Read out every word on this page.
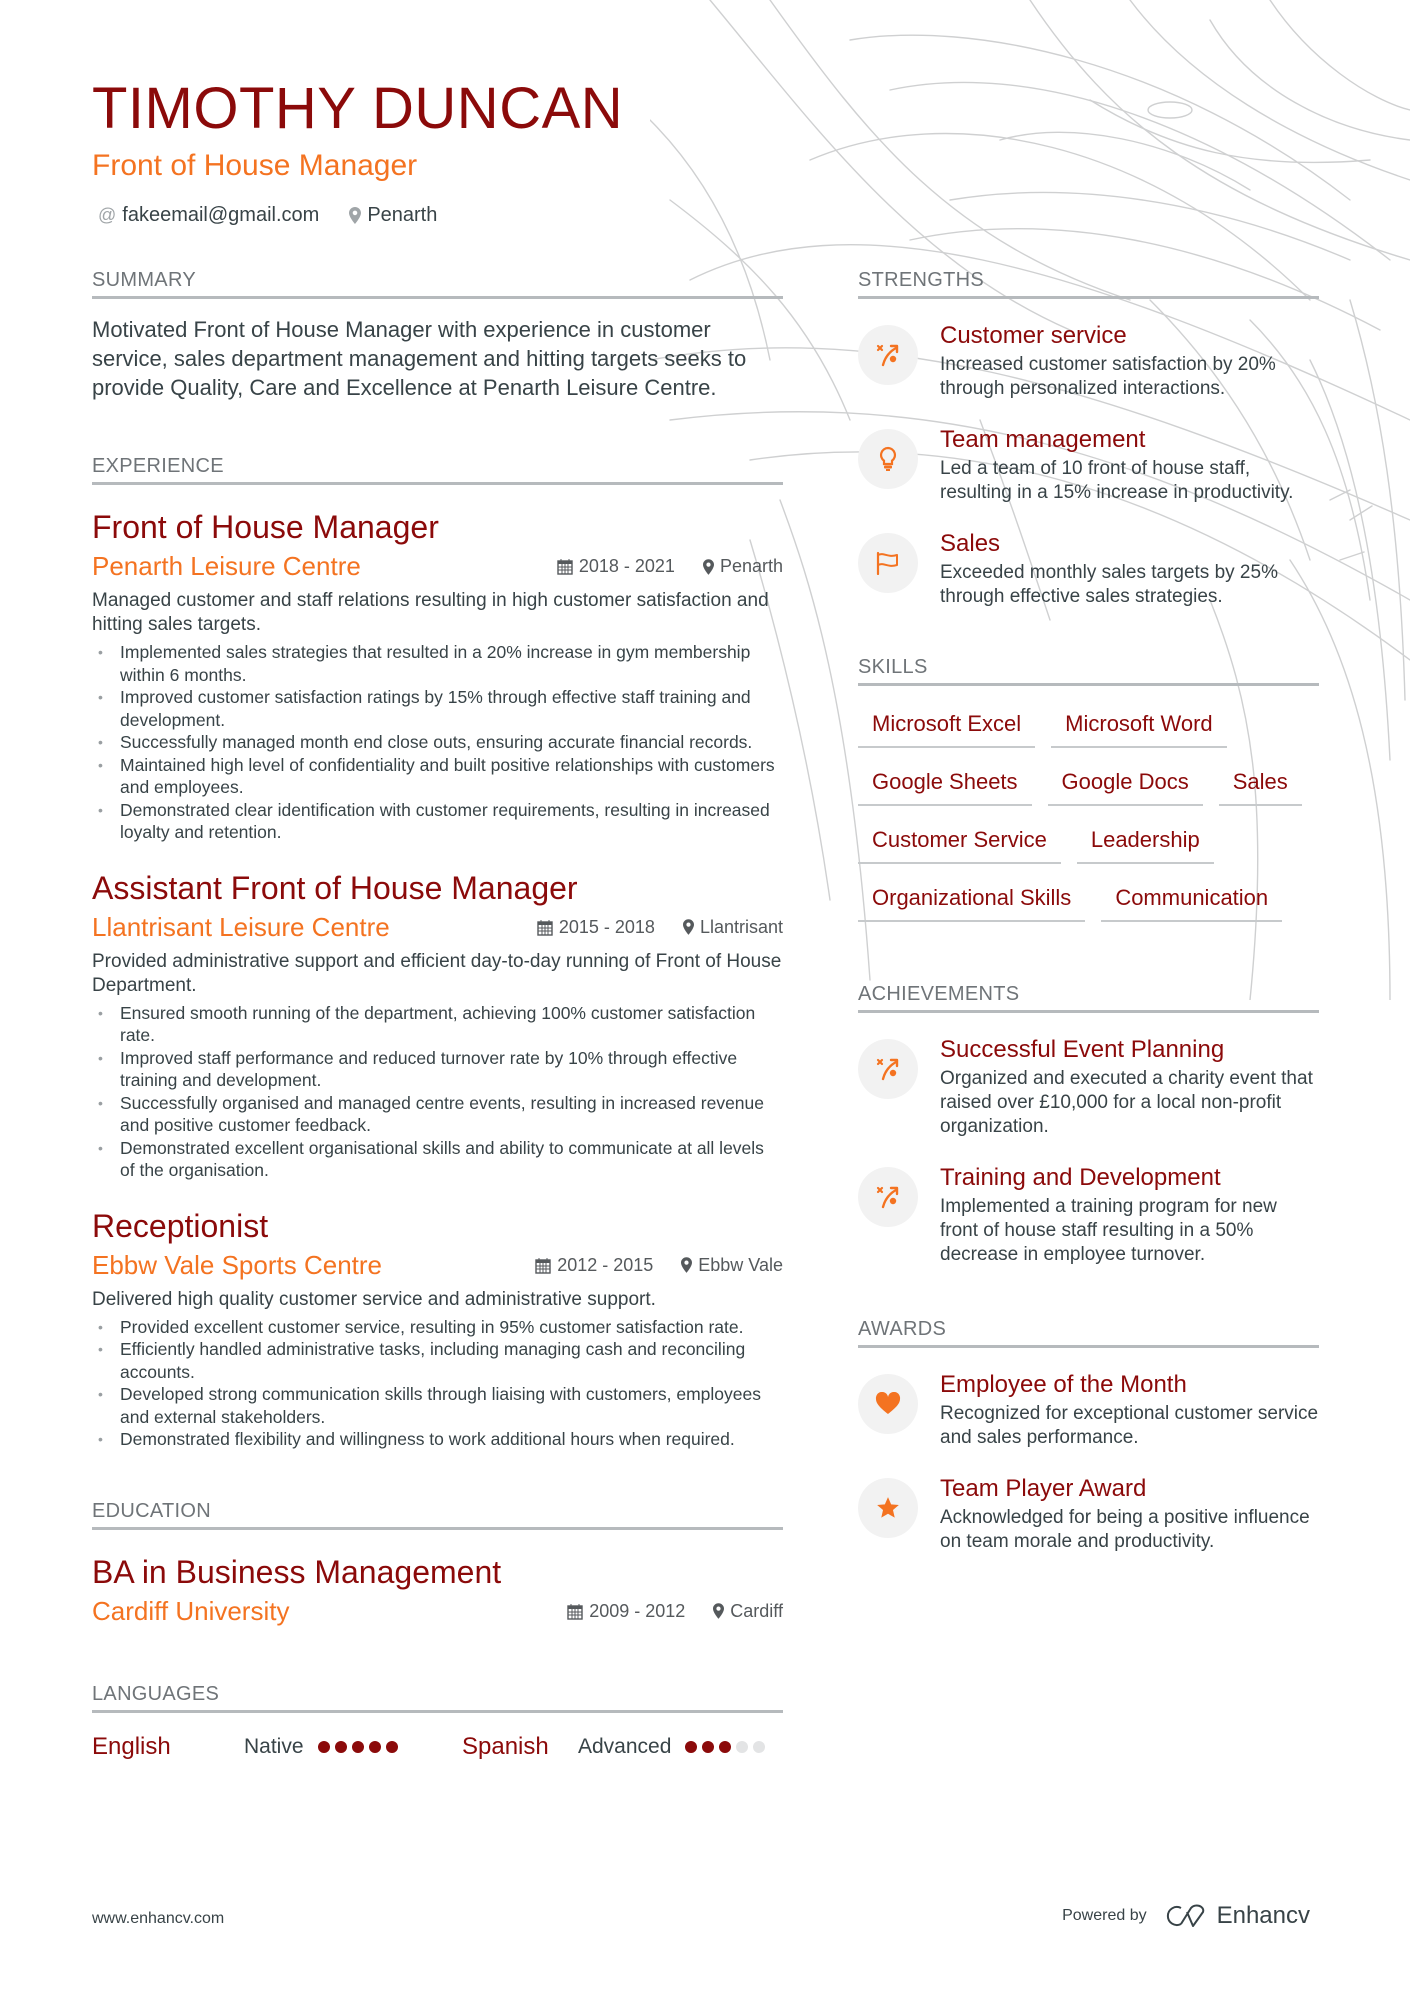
TIMOTHY DUNCAN
Front of House Manager
@ fakeemail@gmail.com Penarth
SUMMARY
Motivated Front of House Manager with experience in customer service, sales department management and hitting targets seeks to provide Quality, Care and Excellence at Penarth Leisure Centre.
EXPERIENCE
Front of House Manager
Penarth Leisure Centre	2018 - 2021	Penarth
Managed customer and staff relations resulting in high customer satisfaction and hitting sales targets.
• Implemented sales strategies that resulted in a 20% increase in gym membership within 6 months.
• Improved customer satisfaction ratings by 15% through effective staff training and development.
• Successfully managed month end close outs, ensuring accurate financial records.
• Maintained high level of confidentiality and built positive relationships with customers and employees.
• Demonstrated clear identification with customer requirements, resulting in increased loyalty and retention.
Assistant Front of House Manager
Llantrisant Leisure Centre	2015 - 2018	Llantrisant
Provided administrative support and efficient day-to-day running of Front of House Department.
• Ensured smooth running of the department, achieving 100% customer satisfaction rate.
• Improved staff performance and reduced turnover rate by 10% through effective training and development.
• Successfully organised and managed centre events, resulting in increased revenue and positive customer feedback.
• Demonstrated excellent organisational skills and ability to communicate at all levels of the organisation.
Receptionist
Ebbw Vale Sports Centre	2012 - 2015	Ebbw Vale
Delivered high quality customer service and administrative support.
• Provided excellent customer service, resulting in 95% customer satisfaction rate.
• Efficiently handled administrative tasks, including managing cash and reconciling accounts.
• Developed strong communication skills through liaising with customers, employees and external stakeholders.
• Demonstrated flexibility and willingness to work additional hours when required.
EDUCATION
BA in Business Management
Cardiff University	2009 - 2012	Cardiff
LANGUAGES
English	Native	Spanish	Advanced
STRENGTHS
Customer service
Increased customer satisfaction by 20% through personalized interactions.
Team management
Led a team of 10 front of house staff, resulting in a 15% increase in productivity.
Sales
Exceeded monthly sales targets by 25% through effective sales strategies.
SKILLS
Microsoft Excel	Microsoft Word
Google Sheets	Google Docs	Sales
Customer Service	Leadership
Organizational Skills	Communication
ACHIEVEMENTS
Successful Event Planning
Organized and executed a charity event that raised over £10,000 for a local non-profit organization.
Training and Development
Implemented a training program for new front of house staff resulting in a 50% decrease in employee turnover.
AWARDS
Employee of the Month
Recognized for exceptional customer service and sales performance.
Team Player Award
Acknowledged for being a positive influence on team morale and productivity.
www.enhancv.com	Powered by	Enhancv
